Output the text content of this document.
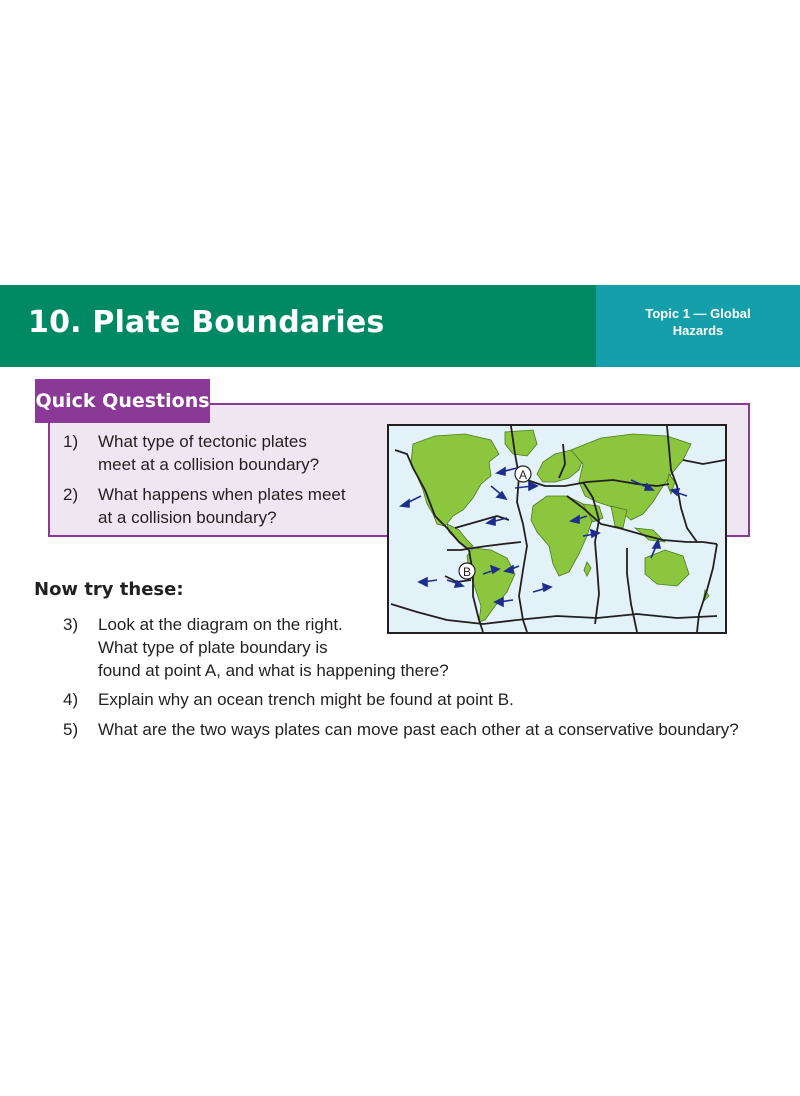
10. Plate Boundaries	Topic 1 — Global Hazards
Quick Questions
1)	What type of tectonic plates
meet at a collision boundary?
2)	What happens when plates meet
at a collision boundary?
Now try these:
3)	Look at the diagram on the right.
What type of plate boundary is
found at point A, and what is happening there?
4)	Explain why an ocean trench might be found at point B.
5)	What are the two ways plates can move past each other at a conservative boundary?
A
B
